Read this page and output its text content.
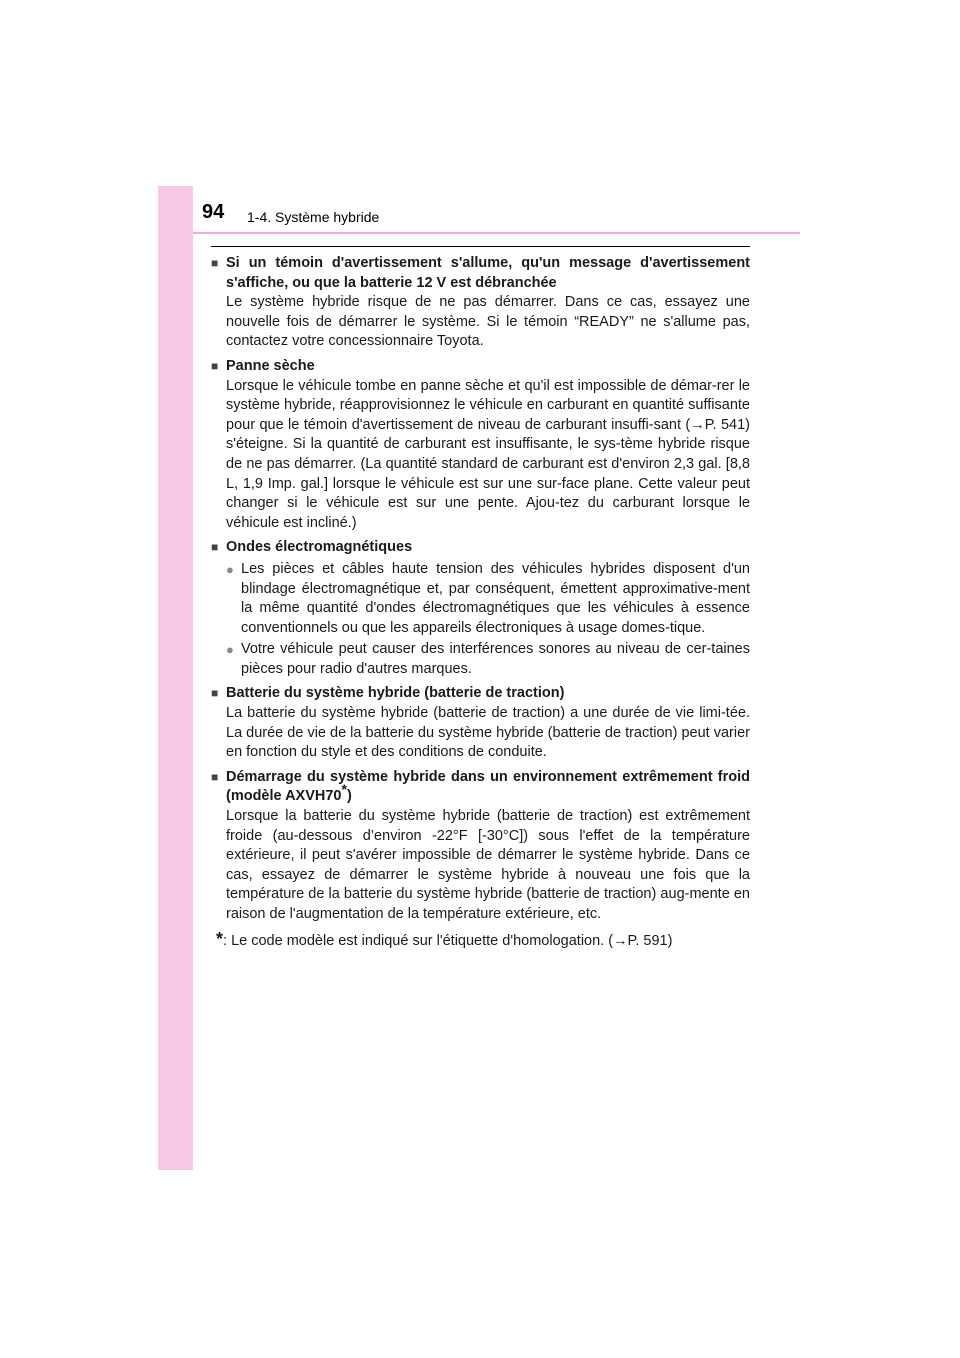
94 1-4. Système hybride
■ Si un témoin d'avertissement s'allume, qu'un message d'avertissement s'affiche, ou que la batterie 12 V est débranchée
Le système hybride risque de ne pas démarrer. Dans ce cas, essayez une nouvelle fois de démarrer le système. Si le témoin “READY” ne s'allume pas, contactez votre concessionnaire Toyota.
■ Panne sèche
Lorsque le véhicule tombe en panne sèche et qu'il est impossible de démar-rer le système hybride, réapprovisionnez le véhicule en carburant en quantité suffisante pour que le témoin d'avertissement de niveau de carburant insuffi-sant (→P. 541) s'éteigne. Si la quantité de carburant est insuffisante, le sys-tème hybride risque de ne pas démarrer. (La quantité standard de carburant est d'environ 2,3 gal. [8,8 L, 1,9 Imp. gal.] lorsque le véhicule est sur une sur-face plane. Cette valeur peut changer si le véhicule est sur une pente. Ajou-tez du carburant lorsque le véhicule est incliné.)
■ Ondes électromagnétiques
● Les pièces et câbles haute tension des véhicules hybrides disposent d'un blindage électromagnétique et, par conséquent, émettent approximative-ment la même quantité d'ondes électromagnétiques que les véhicules à essence conventionnels ou que les appareils électroniques à usage domes-tique.
● Votre véhicule peut causer des interférences sonores au niveau de cer-taines pièces pour radio d'autres marques.
■ Batterie du système hybride (batterie de traction)
La batterie du système hybride (batterie de traction) a une durée de vie limi-tée. La durée de vie de la batterie du système hybride (batterie de traction) peut varier en fonction du style et des conditions de conduite.
■ Démarrage du système hybride dans un environnement extrêmement froid (modèle AXVH70*)
Lorsque la batterie du système hybride (batterie de traction) est extrêmement froide (au-dessous d’environ -22°F [-30°C]) sous l'effet de la température extérieure, il peut s'avérer impossible de démarrer le système hybride. Dans ce cas, essayez de démarrer le système hybride à nouveau une fois que la température de la batterie du système hybride (batterie de traction) aug-mente en raison de l'augmentation de la température extérieure, etc.
*: Le code modèle est indiqué sur l'étiquette d'homologation. (→P. 591)
